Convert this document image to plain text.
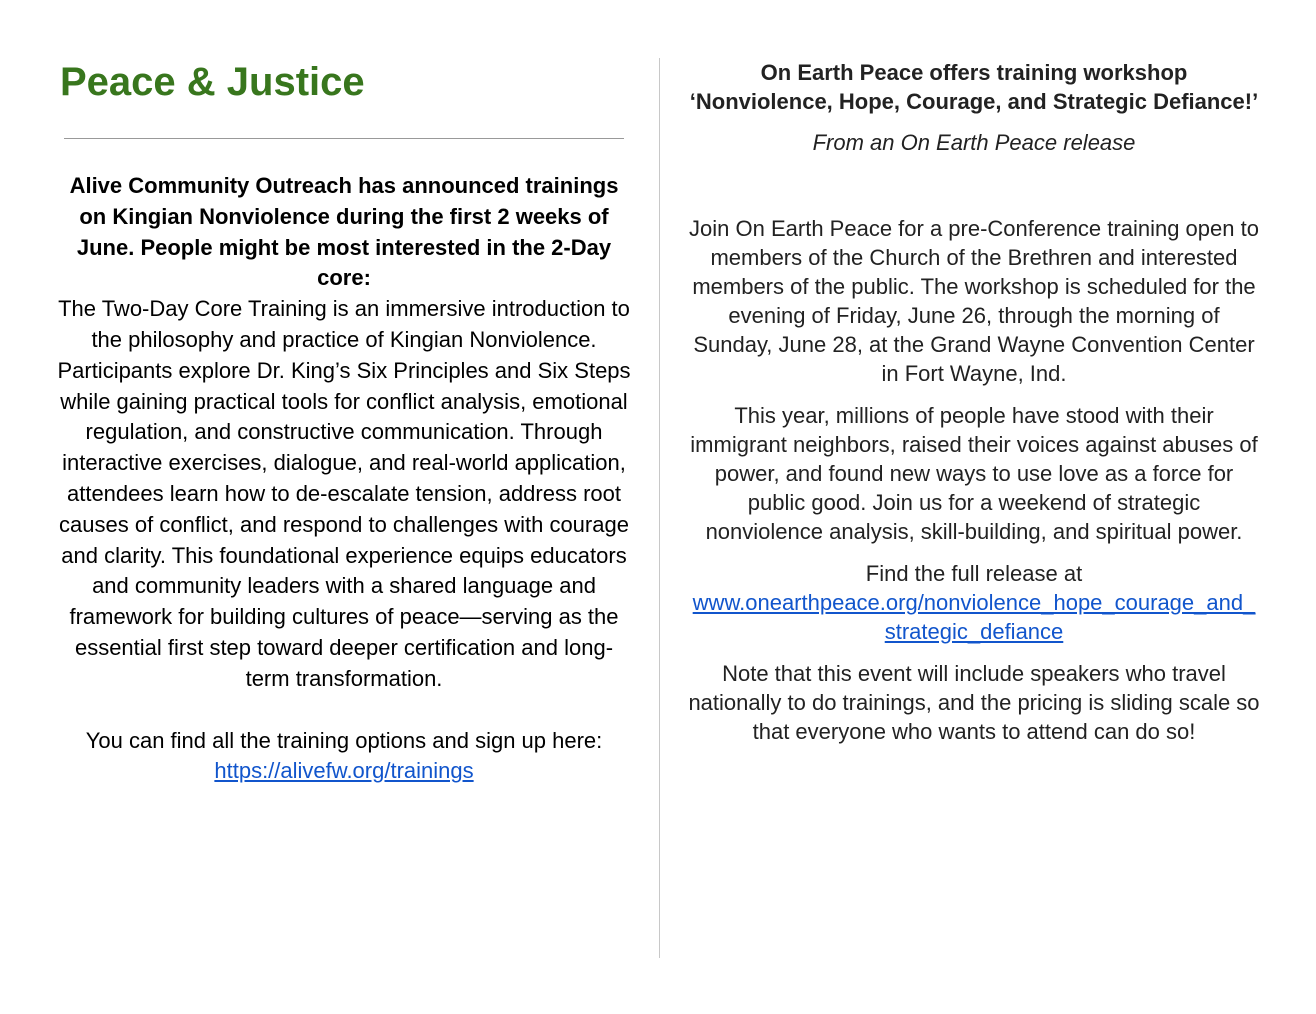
Peace & Justice

Alive Community Outreach has announced trainings on Kingian Nonviolence during the first 2 weeks of June. People might be most interested in the 2-Day core:

The Two-Day Core Training is an immersive introduction to the philosophy and practice of Kingian Nonviolence. Participants explore Dr. King’s Six Principles and Six Steps while gaining practical tools for conflict analysis, emotional regulation, and constructive communication. Through interactive exercises, dialogue, and real-world application, attendees learn how to de-escalate tension, address root causes of conflict, and respond to challenges with courage and clarity. This foundational experience equips educators and community leaders with a shared language and framework for building cultures of peace—serving as the essential first step toward deeper certification and long-term transformation.

You can find all the training options and sign up here:

https://alivefw.org/trainings

On Earth Peace offers training workshop ‘Nonviolence, Hope, Courage, and Strategic Defiance!’

From an On Earth Peace release

Join On Earth Peace for a pre-Conference training open to members of the Church of the Brethren and interested members of the public. The workshop is scheduled for the evening of Friday, June 26, through the morning of Sunday, June 28, at the Grand Wayne Convention Center in Fort Wayne, Ind.

This year, millions of people have stood with their immigrant neighbors, raised their voices against abuses of power, and found new ways to use love as a force for public good. Join us for a weekend of strategic nonviolence analysis, skill-building, and spiritual power.

Find the full release at
www.onearthpeace.org/nonviolence_hope_courage_and_strategic_defiance

Note that this event will include speakers who travel nationally to do trainings, and the pricing is sliding scale so that everyone who wants to attend can do so!
